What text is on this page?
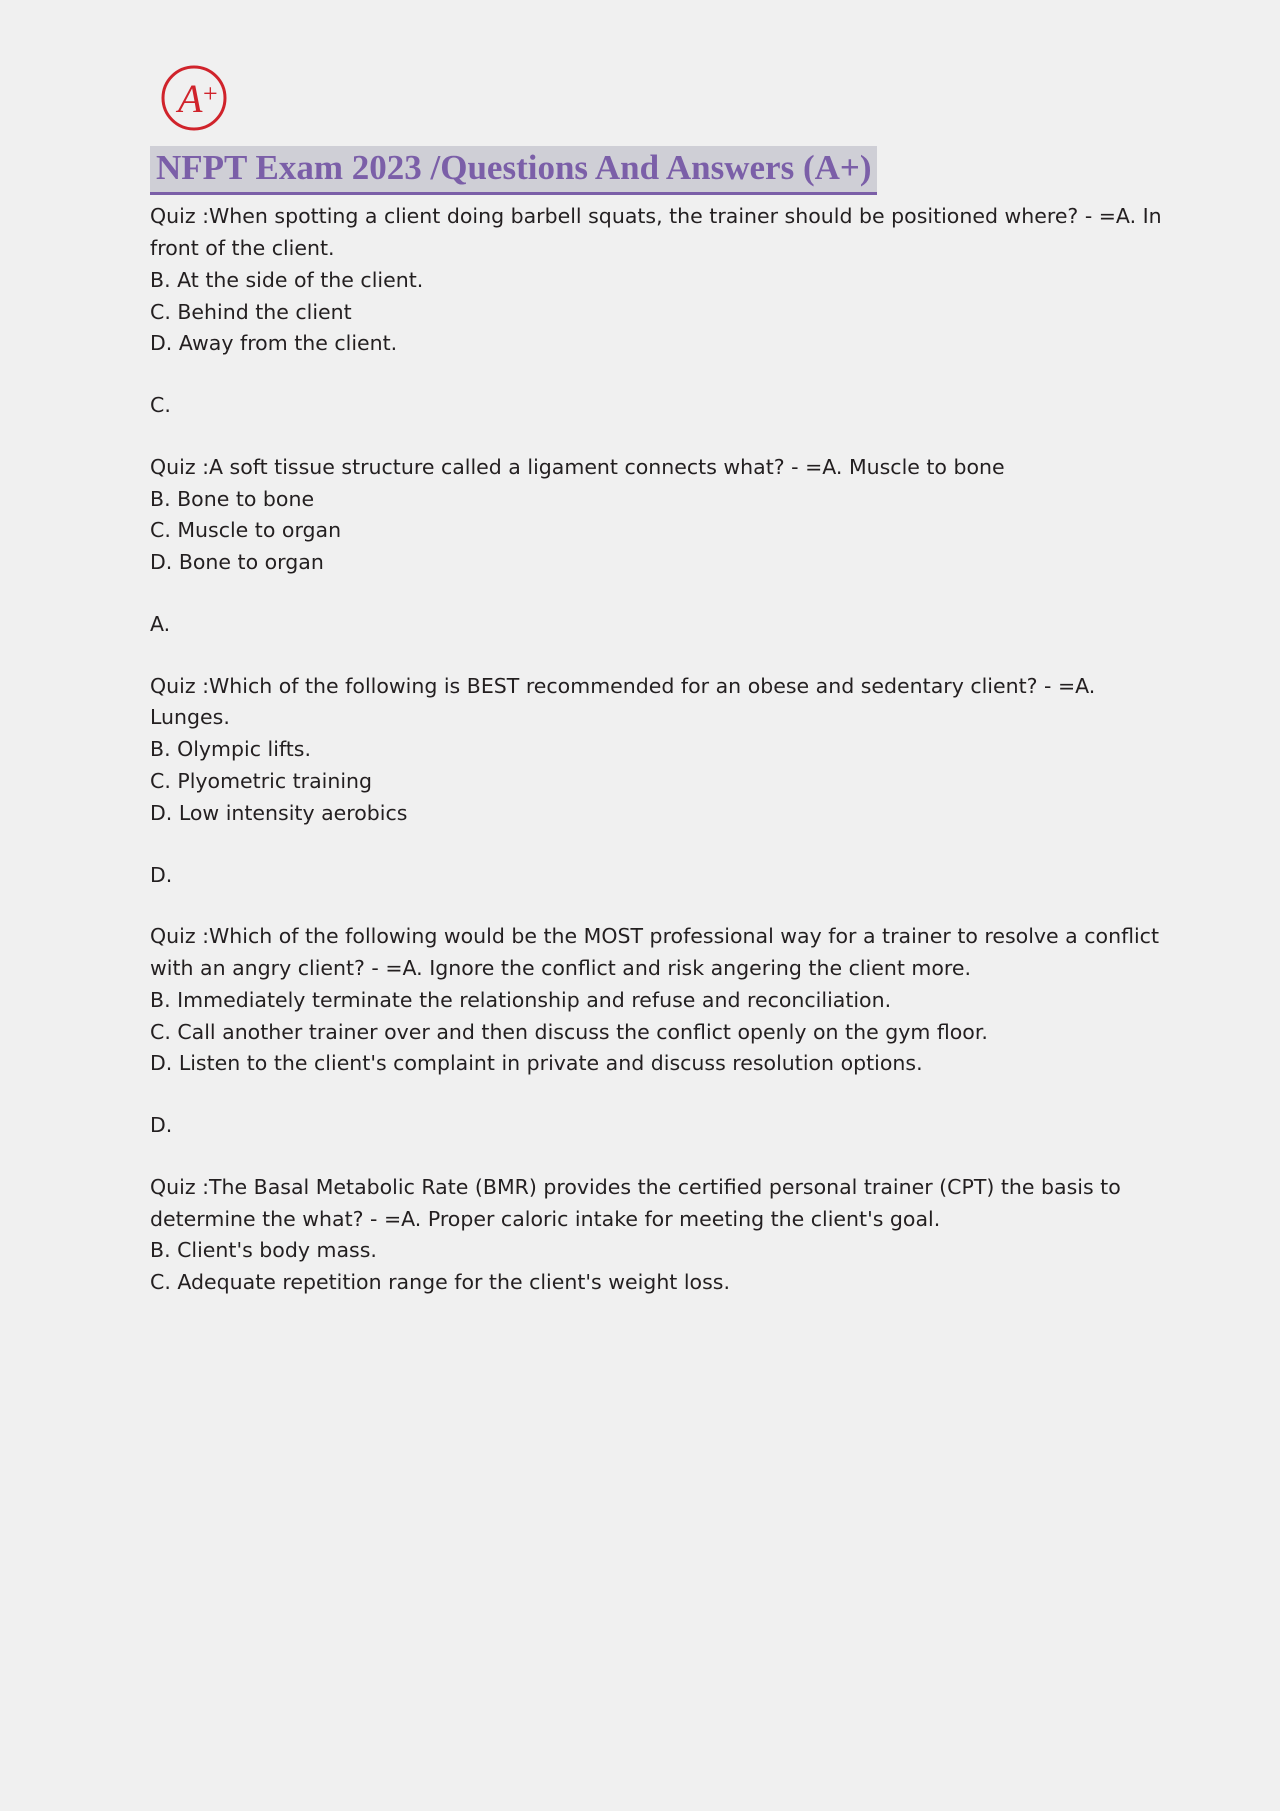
A +
NFPT Exam 2023 /Questions And Answers (A+)

Quiz :When spotting a client doing barbell squats, the trainer should be positioned where? - =A. In front of the client.

B. At the side of the client.

C. Behind the client

D. Away from the client.

C.

Quiz :A soft tissue structure called a ligament connects what? - =A. Muscle to bone

B. Bone to bone

C. Muscle to organ

D. Bone to organ

A.

Quiz :Which of the following is BEST recommended for an obese and sedentary client? - =A. Lunges.

B. Olympic lifts.

C. Plyometric training

D. Low intensity aerobics

D.

Quiz :Which of the following would be the MOST professional way for a trainer to resolve a conflict with an angry client? - =A. Ignore the conflict and risk angering the client more.

B. Immediately terminate the relationship and refuse and reconciliation.

C. Call another trainer over and then discuss the conflict openly on the gym floor.

D. Listen to the client's complaint in private and discuss resolution options.

D.

Quiz :The Basal Metabolic Rate (BMR) provides the certified personal trainer (CPT) the basis to determine the what? - =A. Proper caloric intake for meeting the client's goal.

B. Client's body mass.

C. Adequate repetition range for the client's weight loss.
